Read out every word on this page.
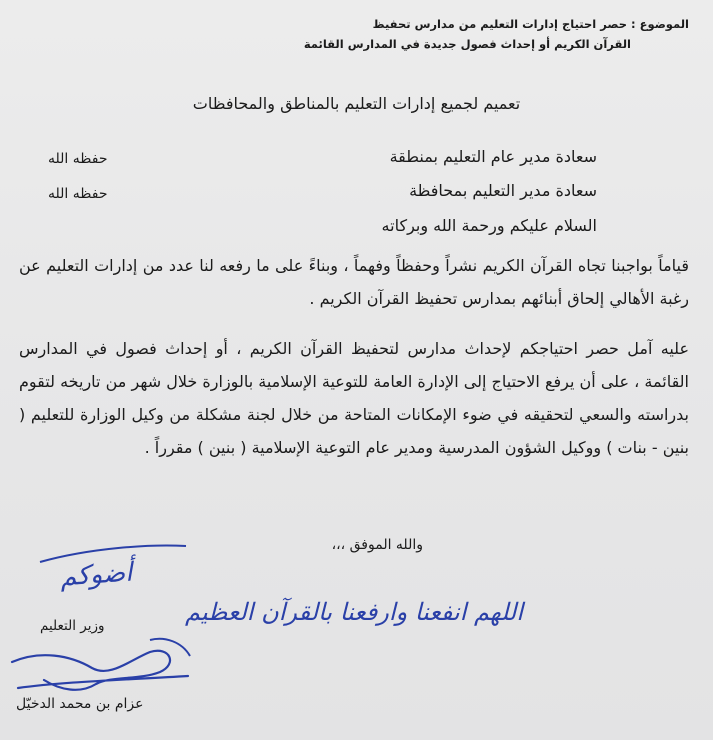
الموضوع : حصر احتياج إدارات التعليم من مدارس تحفيظ
القرآن الكريم أو إحداث فصول جديدة في المدارس القائمة
تعميم لجميع إدارات التعليم بالمناطق والمحافظات
سعادة مدير عام التعليم بمنطقة
حفظه الله
سعادة مدير التعليم بمحافظة
حفظه الله
السلام عليكم ورحمة الله وبركاته
قياماً بواجبنا تجاه القرآن الكريم نشراً وحفظاً وفهماً ، وبناءً على ما رفعه لنا عدد من إدارات التعليم عن رغبة الأهالي إلحاق أبنائهم بمدارس تحفيظ القرآن الكريم .
عليه آمل حصر احتياجكم لإحداث مدارس لتحفيظ القرآن الكريم ، أو إحداث فصول في المدارس القائمة ، على أن يرفع الاحتياج إلى الإدارة العامة للتوعية الإسلامية بالوزارة خلال شهر من تاريخه لتقوم بدراسته والسعي لتحقيقه في ضوء الإمكانات المتاحة من خلال لجنة مشكلة من وكيل الوزارة للتعليم ( بنين - بنات ) ووكيل الشؤون المدرسية ومدير عام التوعية الإسلامية ( بنين ) مقرراً .
والله الموفق ،،،
أضوكم
اللهم انفعنا وارفعنا بالقرآن العظيم
وزير التعليم
عزام بن محمد الدخيّل
